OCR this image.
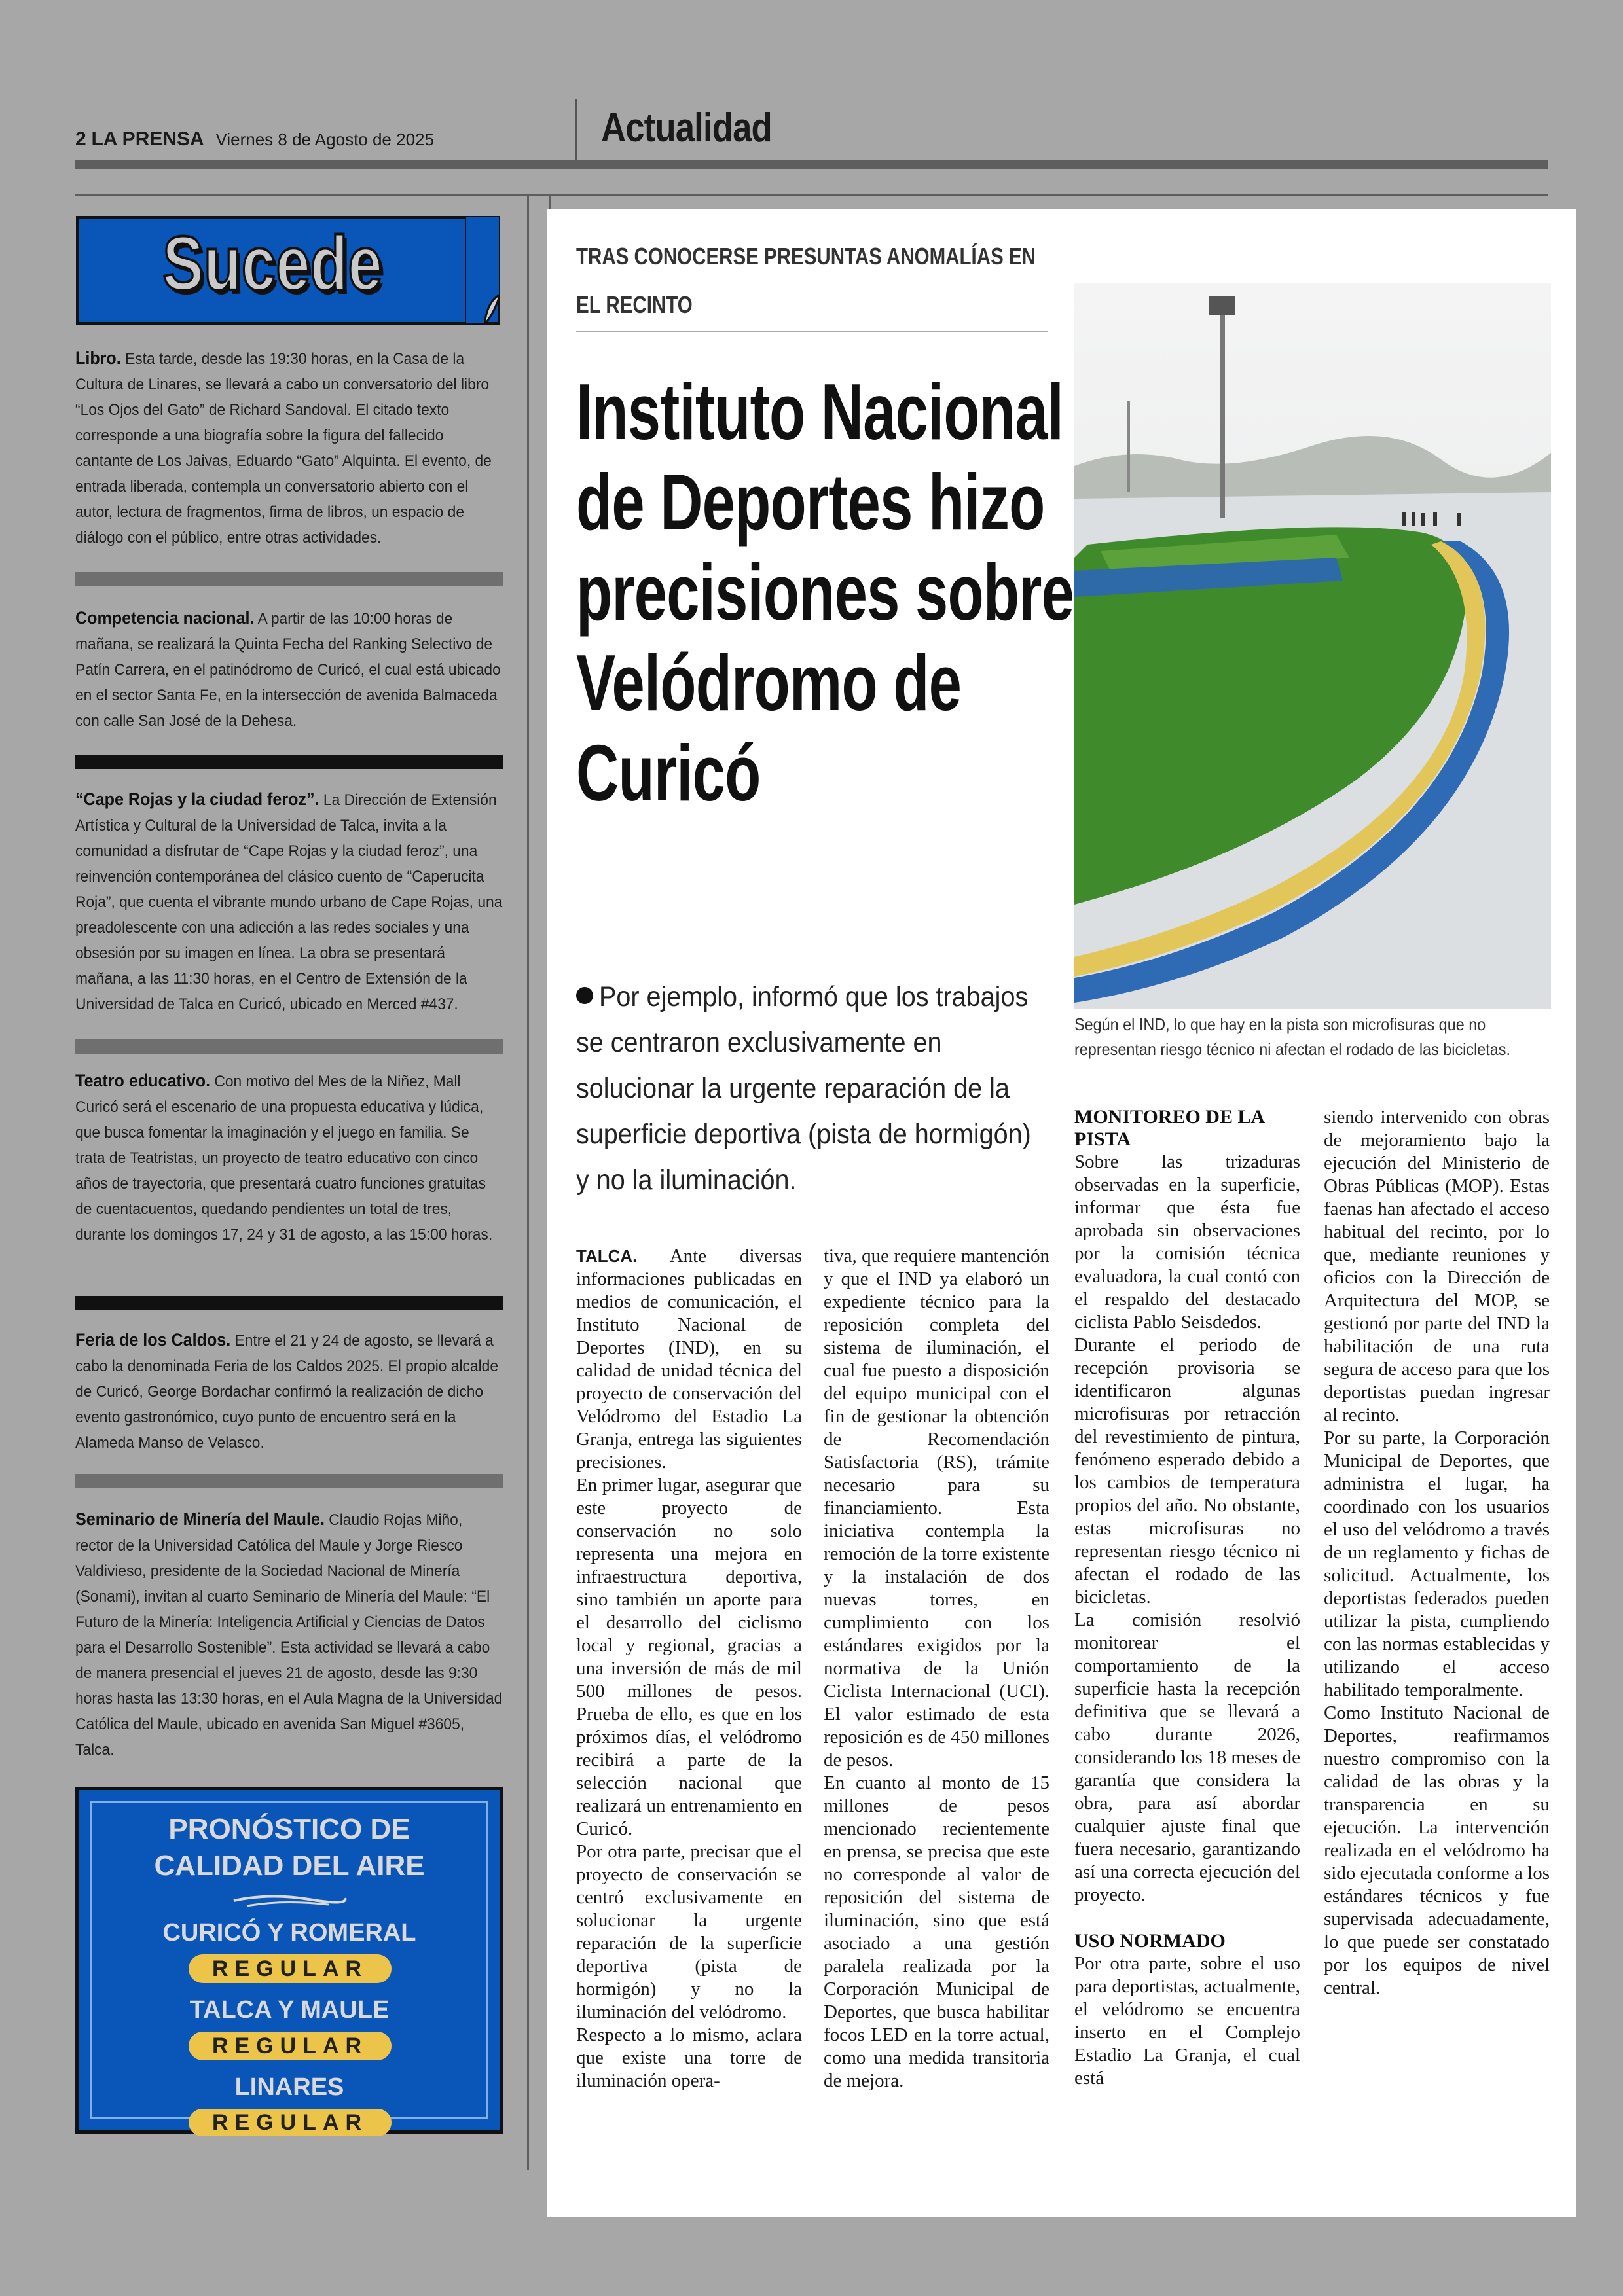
2 LA PRENSA Viernes 8 de Agosto de 2025	Actualidad
Sucede
Libro. Esta tarde, desde las 19:30 horas, en la Casa de la Cultura de Linares, se llevará a cabo un conversatorio del libro “Los Ojos del Gato” de Richard Sandoval. El citado texto corresponde a una biografía sobre la figura del fallecido cantante de Los Jaivas, Eduardo “Gato” Alquinta. El evento, de entrada liberada, contempla un conversatorio abierto con el autor, lectura de fragmentos, firma de libros, un espacio de diálogo con el público, entre otras actividades.
Competencia nacional. A partir de las 10:00 horas de mañana, se realizará la Quinta Fecha del Ranking Selectivo de Patín Carrera, en el patinódromo de Curicó, el cual está ubicado en el sector Santa Fe, en la intersección de avenida Balmaceda con calle San José de la Dehesa.
“Cape Rojas y la ciudad feroz”. La Dirección de Extensión Artística y Cultural de la Universidad de Talca, invita a la comunidad a disfrutar de “Cape Rojas y la ciudad feroz”, una reinvención contemporánea del clásico cuento de “Caperucita Roja”, que cuenta el vibrante mundo urbano de Cape Rojas, una preadolescente con una adicción a las redes sociales y una obsesión por su imagen en línea. La obra se presentará mañana, a las 11:30 horas, en el Centro de Extensión de la Universidad de Talca en Curicó, ubicado en Merced #437.
Teatro educativo. Con motivo del Mes de la Niñez, Mall Curicó será el escenario de una propuesta educativa y lúdica, que busca fomentar la imaginación y el juego en familia. Se trata de Teatristas, un proyecto de teatro educativo con cinco años de trayectoria, que presentará cuatro funciones gratuitas de cuentacuentos, quedando pendientes un total de tres, durante los domingos 17, 24 y 31 de agosto, a las 15:00 horas.
Feria de los Caldos. Entre el 21 y 24 de agosto, se llevará a cabo la denominada Feria de los Caldos 2025. El propio alcalde de Curicó, George Bordachar confirmó la realización de dicho evento gastronómico, cuyo punto de encuentro será en la Alameda Manso de Velasco.
Seminario de Minería del Maule. Claudio Rojas Miño, rector de la Universidad Católica del Maule y Jorge Riesco Valdivieso, presidente de la Sociedad Nacional de Minería (Sonami), invitan al cuarto Seminario de Minería del Maule: “El Futuro de la Minería: Inteligencia Artificial y Ciencias de Datos para el Desarrollo Sostenible”. Esta actividad se llevará a cabo de manera presencial el jueves 21 de agosto, desde las 9:30 horas hasta las 13:30 horas, en el Aula Magna de la Universidad Católica del Maule, ubicado en avenida San Miguel #3605, Talca.
PRONÓSTICO DE
CALIDAD DEL AIRE
CURICÓ Y ROMERAL
REGULAR
TALCA Y MAULE
REGULAR
LINARES
REGULAR
TRAS CONOCERSE PRESUNTAS ANOMALÍAS EN EL RECINTO
Instituto Nacional de Deportes hizo precisiones sobre Velódromo de Curicó
Por ejemplo, informó que los trabajos se centraron exclusivamente en solucionar la urgente reparación de la superficie deportiva (pista de hormigón) y no la iluminación.
Según el IND, lo que hay en la pista son microfisuras que no representan riesgo técnico ni afectan el rodado de las bicicletas.

TALCA. Ante diversas informaciones publicadas en medios de comunicación, el Instituto Nacional de Deportes (IND), en su calidad de unidad técnica del proyecto de conservación del Velódromo del Estadio La Granja, entrega las siguientes precisiones.

En primer lugar, asegurar que este proyecto de conservación no solo representa una mejora en infraestructura deportiva, sino también un aporte para el desarrollo del ciclismo local y regional, gracias a una inversión de más de mil 500 millones de pesos. Prueba de ello, es que en los próximos días, el velódromo recibirá a parte de la selección nacional que realizará un entrenamiento en Curicó.

Por otra parte, precisar que el proyecto de conservación se centró exclusivamente en solucionar la urgente reparación de la superficie deportiva (pista de hormigón) y no la iluminación del velódromo.

Respecto a lo mismo, aclara que existe una torre de iluminación opera-

tiva, que requiere mantención y que el IND ya elaboró un expediente técnico para la reposición completa del sistema de iluminación, el cual fue puesto a disposición del equipo municipal con el fin de gestionar la obtención de Recomendación Satisfactoria (RS), trámite necesario para su financiamiento. Esta iniciativa contempla la remoción de la torre existente y la instalación de dos nuevas torres, en cumplimiento con los estándares exigidos por la normativa de la Unión Ciclista Internacional (UCI). El valor estimado de esta reposición es de 450 millones de pesos.

En cuanto al monto de 15 millones de pesos mencionado recientemente en prensa, se precisa que este no corresponde al valor de reposición del sistema de iluminación, sino que está asociado a una gestión paralela realizada por la Corporación Municipal de Deportes, que busca habilitar focos LED en la torre actual, como una medida transitoria de mejora.

MONITOREO DE LA PISTA

Sobre las trizaduras observadas en la superficie, informar que ésta fue aprobada sin observaciones por la comisión técnica evaluadora, la cual contó con el respaldo del destacado ciclista Pablo Seisdedos.

Durante el periodo de recepción provisoria se identificaron algunas microfisuras por retracción del revestimiento de pintura, fenómeno esperado debido a los cambios de temperatura propios del año. No obstante, estas microfisuras no representan riesgo técnico ni afectan el rodado de las bicicletas.

La comisión resolvió monitorear el comportamiento de la superficie hasta la recepción definitiva que se llevará a cabo durante 2026, considerando los 18 meses de garantía que considera la obra, para así abordar cualquier ajuste final que fuera necesario, garantizando así una correcta ejecución del proyecto.

USO NORMADO

Por otra parte, sobre el uso para deportistas, actualmente, el velódromo se encuentra inserto en el Complejo Estadio La Granja, el cual está

siendo intervenido con obras de mejoramiento bajo la ejecución del Ministerio de Obras Públicas (MOP). Estas faenas han afectado el acceso habitual del recinto, por lo que, mediante reuniones y oficios con la Dirección de Arquitectura del MOP, se gestionó por parte del IND la habilitación de una ruta segura de acceso para que los deportistas puedan ingresar al recinto.

Por su parte, la Corporación Municipal de Deportes, que administra el lugar, ha coordinado con los usuarios el uso del velódromo a través de un reglamento y fichas de solicitud. Actualmente, los deportistas federados pueden utilizar la pista, cumpliendo con las normas establecidas y utilizando el acceso habilitado temporalmente.

Como Instituto Nacional de Deportes, reafirmamos nuestro compromiso con la calidad de las obras y la transparencia en su ejecución. La intervención realizada en el velódromo ha sido ejecutada conforme a los estándares técnicos y fue supervisada adecuadamente, lo que puede ser constatado por los equipos de nivel central.
